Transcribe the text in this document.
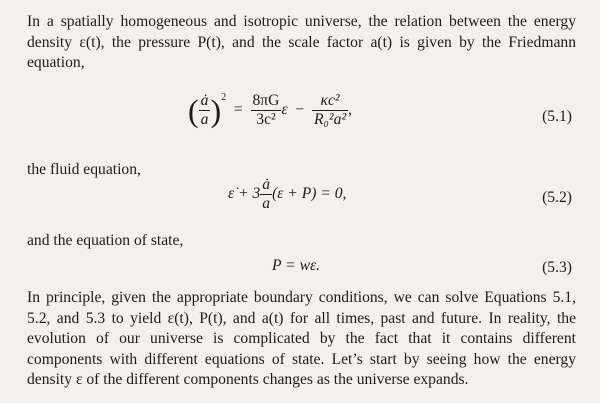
In a spatially homogeneous and isotropic universe, the relation between the energy density ε(t), the pressure P(t), and the scale factor a(t) is given by the Friedmann equation,

( $\frac{ȧ}{a} )^2 = \frac{8\pi G}{\text{3c²}}$ $\varepsilon - \frac{\text{κc²}}{\text{R₀²a²}}$ ,	(5.1)

the fluid equation,

ε̇ + $3 \frac{ȧ}{a} (\varepsilon + P) = 0$,	(5.2)

and the equation of state,

P = wε.	(5.3)

In principle, given the appropriate boundary conditions, we can solve Equations 5.1, 5.2, and 5.3 to yield ε(t), P(t), and a(t) for all times, past and future. In reality, the evolution of our universe is complicated by the fact that it contains different components with different equations of state. Let’s start by seeing how the energy density ε of the different components changes as the universe expands.
